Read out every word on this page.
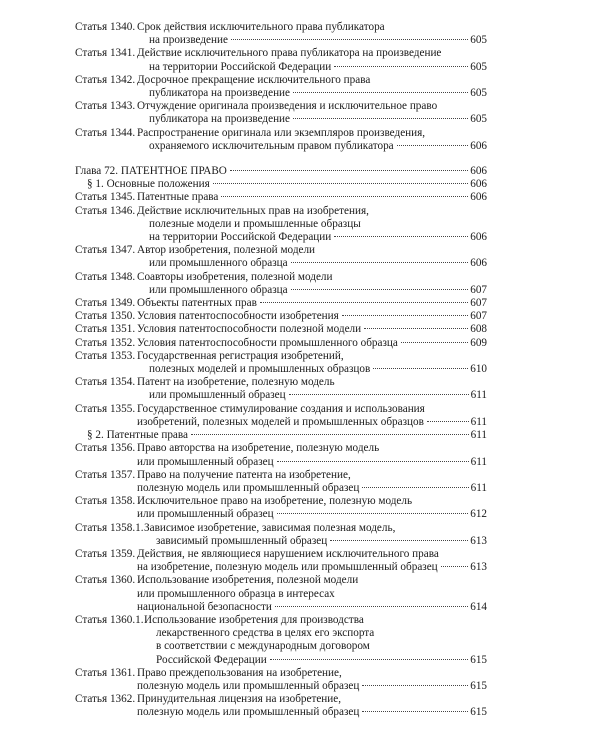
Статья 1340. Срок действия исключительного права публикатора
на произведение	605
Статья 1341. Действие исключительного права публикатора на произведение
на территории Российской Федерации	605
Статья 1342. Досрочное прекращение исключительного права
публикатора на произведение	605
Статья 1343. Отчуждение оригинала произведения и исключительное право
публикатора на произведение	605
Статья 1344. Распространение оригинала или экземпляров произведения,
охраняемого исключительным правом публикатора	606
Глава 72. ПАТЕНТНОЕ ПРАВО	606
§ 1. Основные положения	606
Статья 1345. Патентные права	606
Статья 1346. Действие исключительных прав на изобретения,
полезные модели и промышленные образцы
на территории Российской Федерации	606
Статья 1347. Автор изобретения, полезной модели
или промышленного образца	606
Статья 1348. Соавторы изобретения, полезной модели
или промышленного образца	607
Статья 1349. Объекты патентных прав	607
Статья 1350. Условия патентоспособности изобретения	607
Статья 1351. Условия патентоспособности полезной модели	608
Статья 1352. Условия патентоспособности промышленного образца	609
Статья 1353. Государственная регистрация изобретений,
полезных моделей и промышленных образцов	610
Статья 1354. Патент на изобретение, полезную модель
или промышленный образец	611
Статья 1355. Государственное стимулирование создания и использования
изобретений, полезных моделей и промышленных образцов	611
§ 2. Патентные права	611
Статья 1356. Право авторства на изобретение, полезную модель
или промышленный образец	611
Статья 1357. Право на получение патента на изобретение,
полезную модель или промышленный образец	611
Статья 1358. Исключительное право на изобретение, полезную модель
или промышленный образец	612
Статья 1358.1. Зависимое изобретение, зависимая полезная модель,
зависимый промышленный образец	613
Статья 1359. Действия, не являющиеся нарушением исключительного права
на изобретение, полезную модель или промышленный образец	613
Статья 1360. Использование изобретения, полезной модели
или промышленного образца в интересах
национальной безопасности	614
Статья 1360.1. Использование изобретения для производства
лекарственного средства в целях его экспорта
в соответствии с международным договором
Российской Федерации	615
Статья 1361. Право преждепользования на изобретение,
полезную модель или промышленный образец	615
Статья 1362. Принудительная лицензия на изобретение,
полезную модель или промышленный образец	615
